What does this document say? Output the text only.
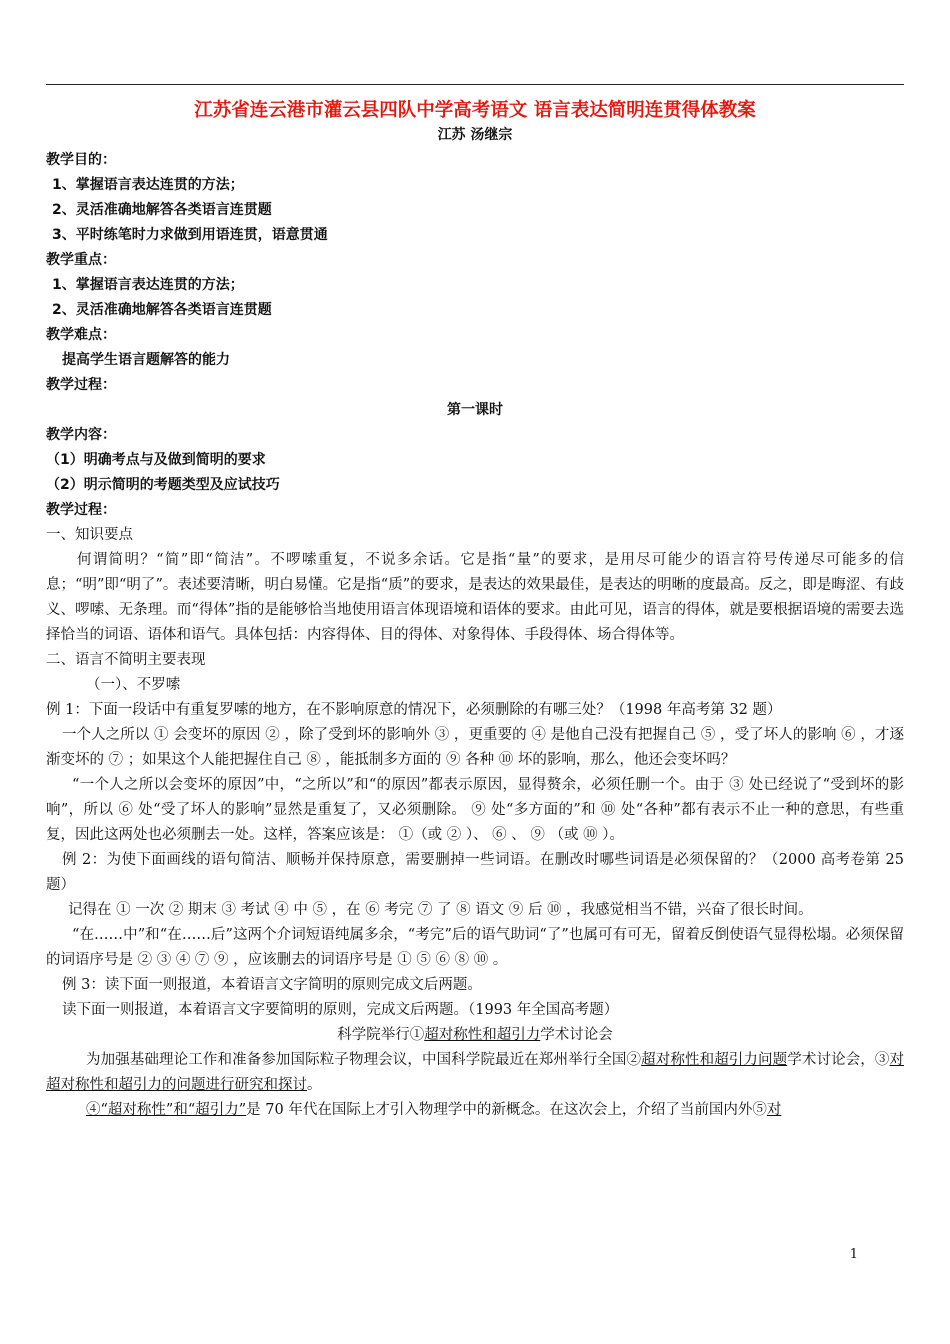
江苏省连云港市灌云县四队中学高考语文 语言表达简明连贯得体教案
江苏 汤继宗
教学目的：
1、掌握语言表达连贯的方法；
2、灵活准确地解答各类语言连贯题
3、平时练笔时力求做到用语连贯，语意贯通
教学重点：
1、掌握语言表达连贯的方法；
2、灵活准确地解答各类语言连贯题
教学难点：
提高学生语言题解答的能力
教学过程：
第一课时
教学内容：
（1）明确考点与及做到简明的要求
（2）明示简明的考题类型及应试技巧
教学过程：

一、知识要点

何谓简明？“简”即“简洁”。不啰嗦重复，不说多余话。它是指“量”的要求，是用尽可能少的语言符号传递尽可能多的信息；“明”即“明了”。表述要清晰，明白易懂。它是指“质”的要求，是表达的效果最佳，是表达的明晰的度最高。反之，即是晦涩、有歧义、啰嗦、无条理。而“得体”指的是能够恰当地使用语言体现语境和语体的要求。由此可见，语言的得体，就是要根据语境的需要去选择恰当的词语、语体和语气。具体包括：内容得体、目的得体、对象得体、手段得体、场合得体等。

二、语言不简明主要表现

（一）、不罗嗦

例 1：下面一段话中有重复罗嗦的地方，在不影响原意的情况下，必须删除的有哪三处？（1998 年高考第 32 题）

一个人之所以 ① 会变坏的原因 ② ，除了受到坏的影响外 ③ ，更重要的 ④ 是他自己没有把握自己 ⑤ ，受了坏人的影响 ⑥ ，才逐渐变坏的 ⑦ ；如果这个人能把握住自己 ⑧ ，能抵制多方面的 ⑨ 各种 ⑩ 坏的影响，那么，他还会变坏吗？

“一个人之所以会变坏的原因”中，“之所以”和“的原因”都表示原因，显得赘余，必须任删一个。由于 ③ 处已经说了“受到坏的影响”，所以 ⑥ 处“受了坏人的影响”显然是重复了，又必须删除。 ⑨ 处“多方面的”和 ⑩ 处“各种”都有表示不止一种的意思，有些重复，因此这两处也必须删去一处。这样，答案应该是： ①（或 ② ）、 ⑥ 、 ⑨ （或 ⑩ ）。

例 2：为使下面画线的语句简洁、顺畅并保持原意，需要删掉一些词语。在删改时哪些词语是必须保留的？（2000 高考卷第 25 题）

记得在 ① 一次 ② 期末 ③ 考试 ④ 中 ⑤ ，在 ⑥ 考完 ⑦ 了 ⑧ 语文 ⑨ 后 ⑩ ，我感觉相当不错，兴奋了很长时间。

“在……中”和“在……后”这两个介词短语纯属多余，“考完”后的语气助词“了”也属可有可无，留着反倒使语气显得松塌。必须保留的词语序号是 ② ③ ④ ⑦ ⑨ ，应该删去的词语序号是 ① ⑤ ⑥ ⑧ ⑩ 。

例 3：读下面一则报道，本着语言文字简明的原则完成文后两题。

读下面一则报道，本着语言文字要简明的原则，完成文后两题。（1993 年全国高考题）

科学院举行①超对称性和超引力学术讨论会

为加强基础理论工作和准备参加国际粒子物理会议，中国科学院最近在郑州举行全国②超对称性和超引力问题学术讨论会，③对超对称性和超引力的问题进行研究和探讨。

④“超对称性”和“超引力”是 70 年代在国际上才引入物理学中的新概念。在这次会上，介绍了当前国内外⑤对

1
